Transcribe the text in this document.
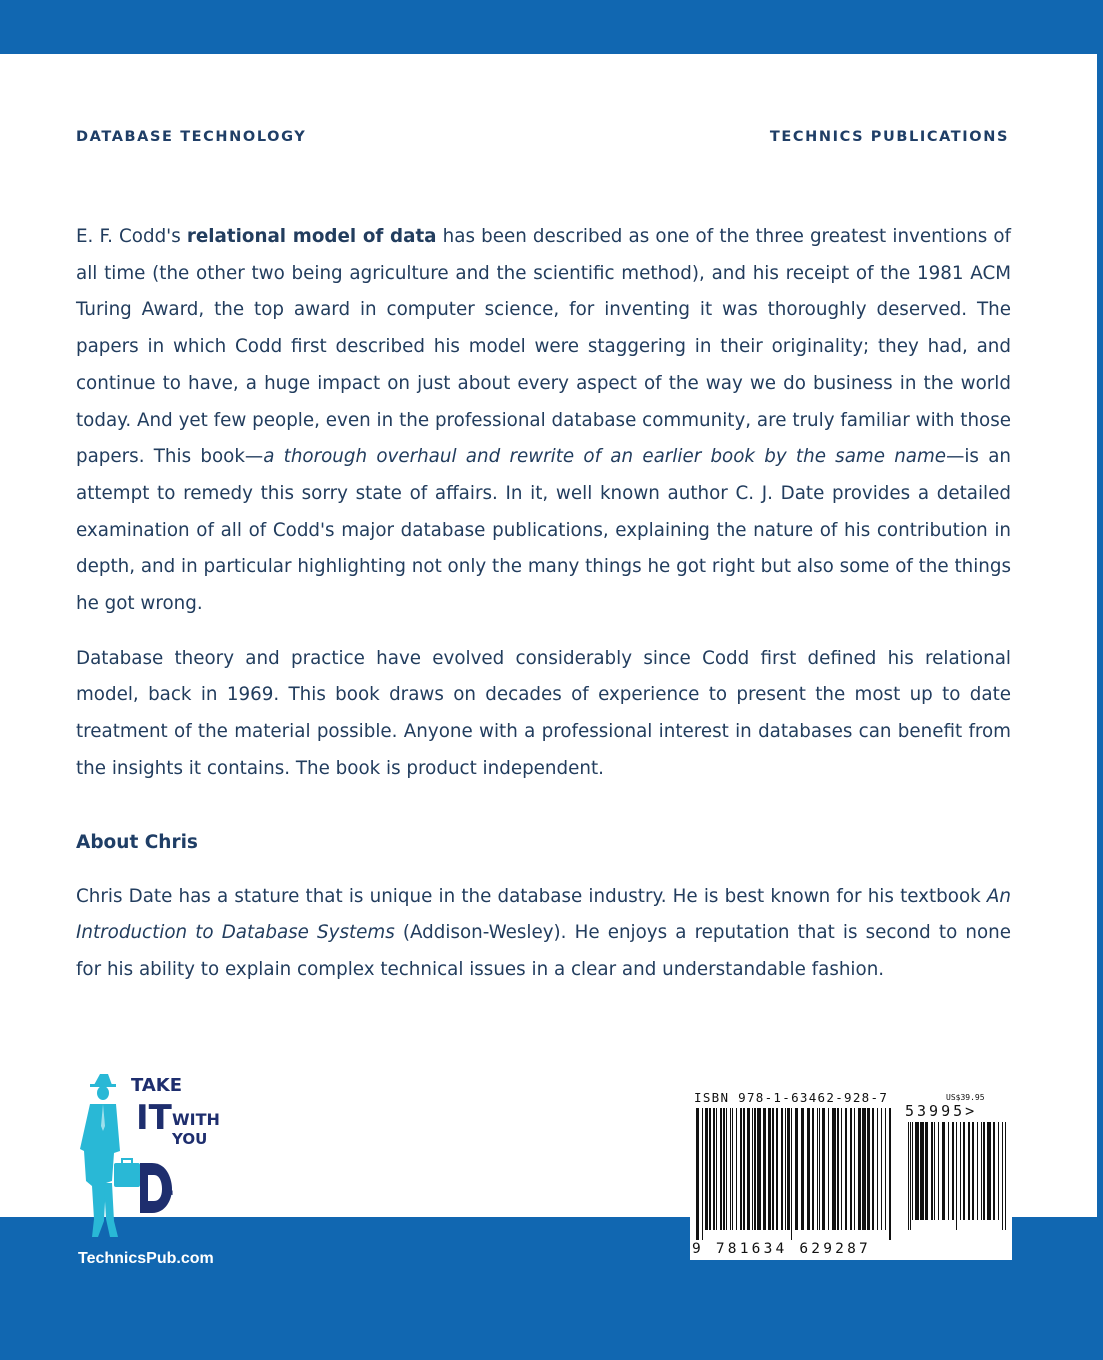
DATABASE TECHNOLOGY	TECHNICS PUBLICATIONS

E. F. Codd's relational model of data has been described as one of the three greatest inventions of all time (the other two being agriculture and the scientific method), and his receipt of the 1981 ACM Turing Award, the top award in computer science, for inventing it was thoroughly deserved. The papers in which Codd first described his model were staggering in their originality; they had, and continue to have, a huge impact on just about every aspect of the way we do business in the world today. And yet few people, even in the professional database community, are truly familiar with those papers. This book—a thorough overhaul and rewrite of an earlier book by the same name—is an attempt to remedy this sorry state of affairs. In it, well known author C. J. Date provides a detailed examination of all of Codd's major database publications, explaining the nature of his contribution in depth, and in particular highlighting not only the many things he got right but also some of the things he got wrong.

Database theory and practice have evolved considerably since Codd first defined his relational model, back in 1969. This book draws on decades of experience to present the most up to date treatment of the material possible. Anyone with a professional interest in databases can benefit from the insights it contains. The book is product independent.

About Chris

Chris Date has a stature that is unique in the database industry. He is best known for his textbook An Introduction to Database Systems (Addison-Wesley). He enjoys a reputation that is second to none for his ability to explain complex technical issues in a clear and understandable fashion.

TAKE
IT WITH
YOU
TM
TechnicsPub.com
ISBN 978-1-63462-928-7	US$39.95
53995>
9 781634 629287
